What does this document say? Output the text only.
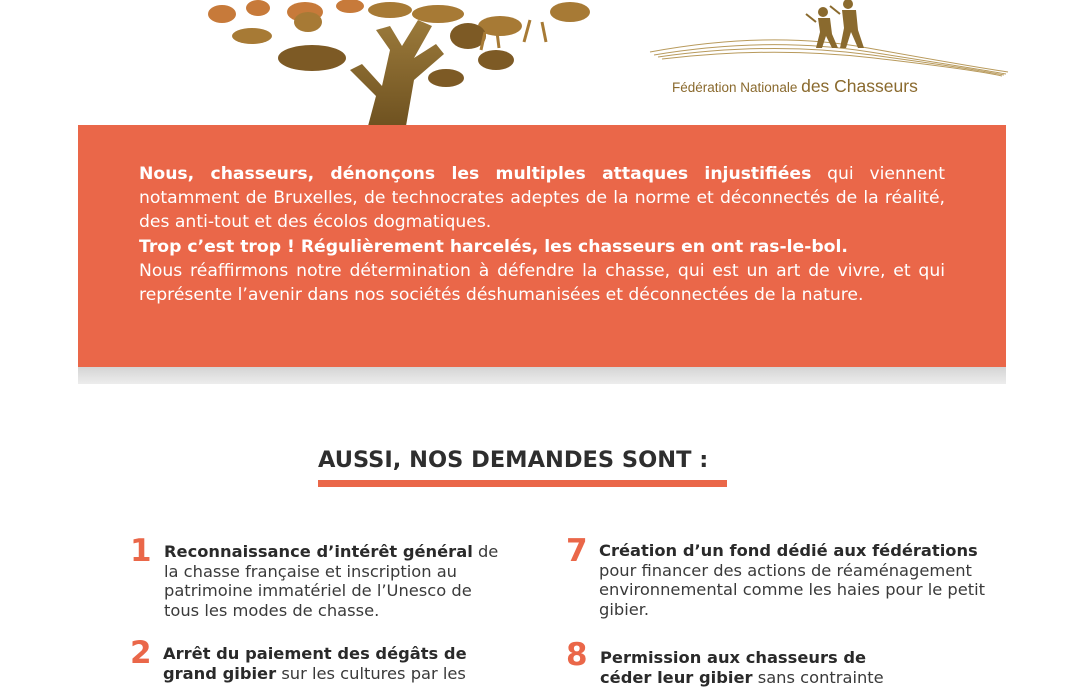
Fédération Nationale des Chasseurs

Nous, chasseurs, dénonçons les multiples attaques injustifiées qui viennent notamment de Bruxelles, de technocrates adeptes de la norme et déconnectés de la réalité, des anti-tout et des écolos dogmatiques.

Trop c’est trop ! Régulièrement harcelés, les chasseurs en ont ras-le-bol.

Nous réaffirmons notre détermination à défendre la chasse, qui est un art de vivre, et qui représente l’avenir dans nos sociétés déshumanisées et déconnectées de la nature.

AUSSI, NOS DEMANDES SONT :
1 Reconnaissance d’intérêt général de la chasse française et inscription au patrimoine immatériel de l’Unesco de tous les modes de chasse.
2 Arrêt du paiement des dégâts de grand gibier sur les cultures par les
7 Création d’un fond dédié aux fédérations pour financer des actions de réaménagement environnemental comme les haies pour le petit gibier.
8 Permission aux chasseurs de céder leur gibier sans contrainte
